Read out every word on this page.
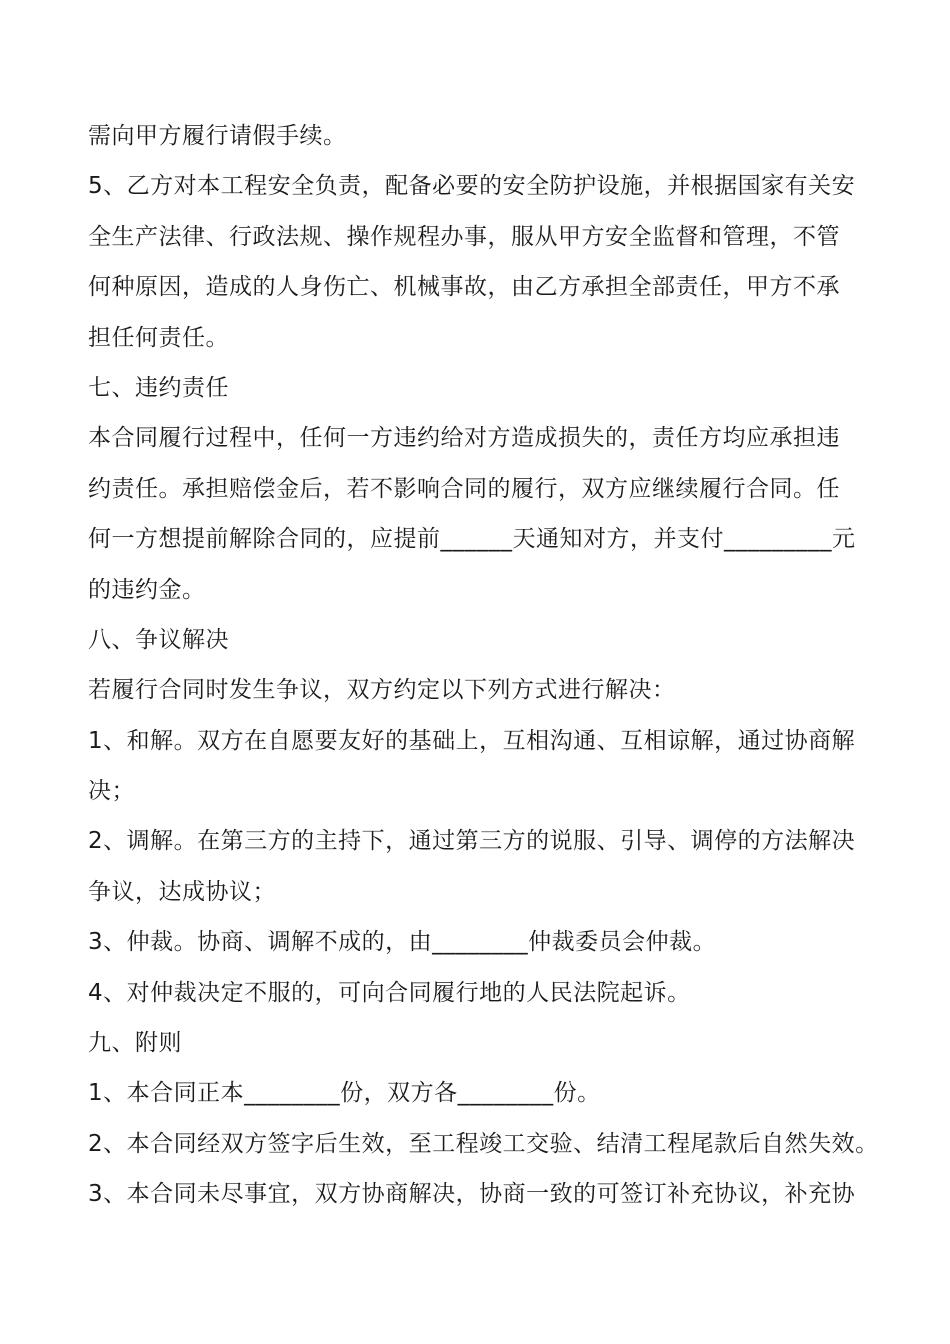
需向甲方履行请假手续。
5、乙方对本工程安全负责，配备必要的安全防护设施，并根据国家有关安
全生产法律、行政法规、操作规程办事，服从甲方安全监督和管理，不管
何种原因，造成的人身伤亡、机械事故，由乙方承担全部责任，甲方不承
担任何责任。
七、违约责任
本合同履行过程中，任何一方违约给对方造成损失的，责任方均应承担违
约责任。承担赔偿金后，若不影响合同的履行，双方应继续履行合同。任
何一方想提前解除合同的，应提前______天通知对方，并支付_________元
的违约金。
八、争议解决
若履行合同时发生争议，双方约定以下列方式进行解决：
1、和解。双方在自愿要友好的基础上，互相沟通、互相谅解，通过协商解
决；
2、调解。在第三方的主持下，通过第三方的说服、引导、调停的方法解决
争议，达成协议；
3、仲裁。协商、调解不成的，由________仲裁委员会仲裁。
4、对仲裁决定不服的，可向合同履行地的人民法院起诉。
九、附则
1、本合同正本________份，双方各________份。
2、本合同经双方签字后生效，至工程竣工交验、结清工程尾款后自然失效。
3、本合同未尽事宜，双方协商解决，协商一致的可签订补充协议，补充协
